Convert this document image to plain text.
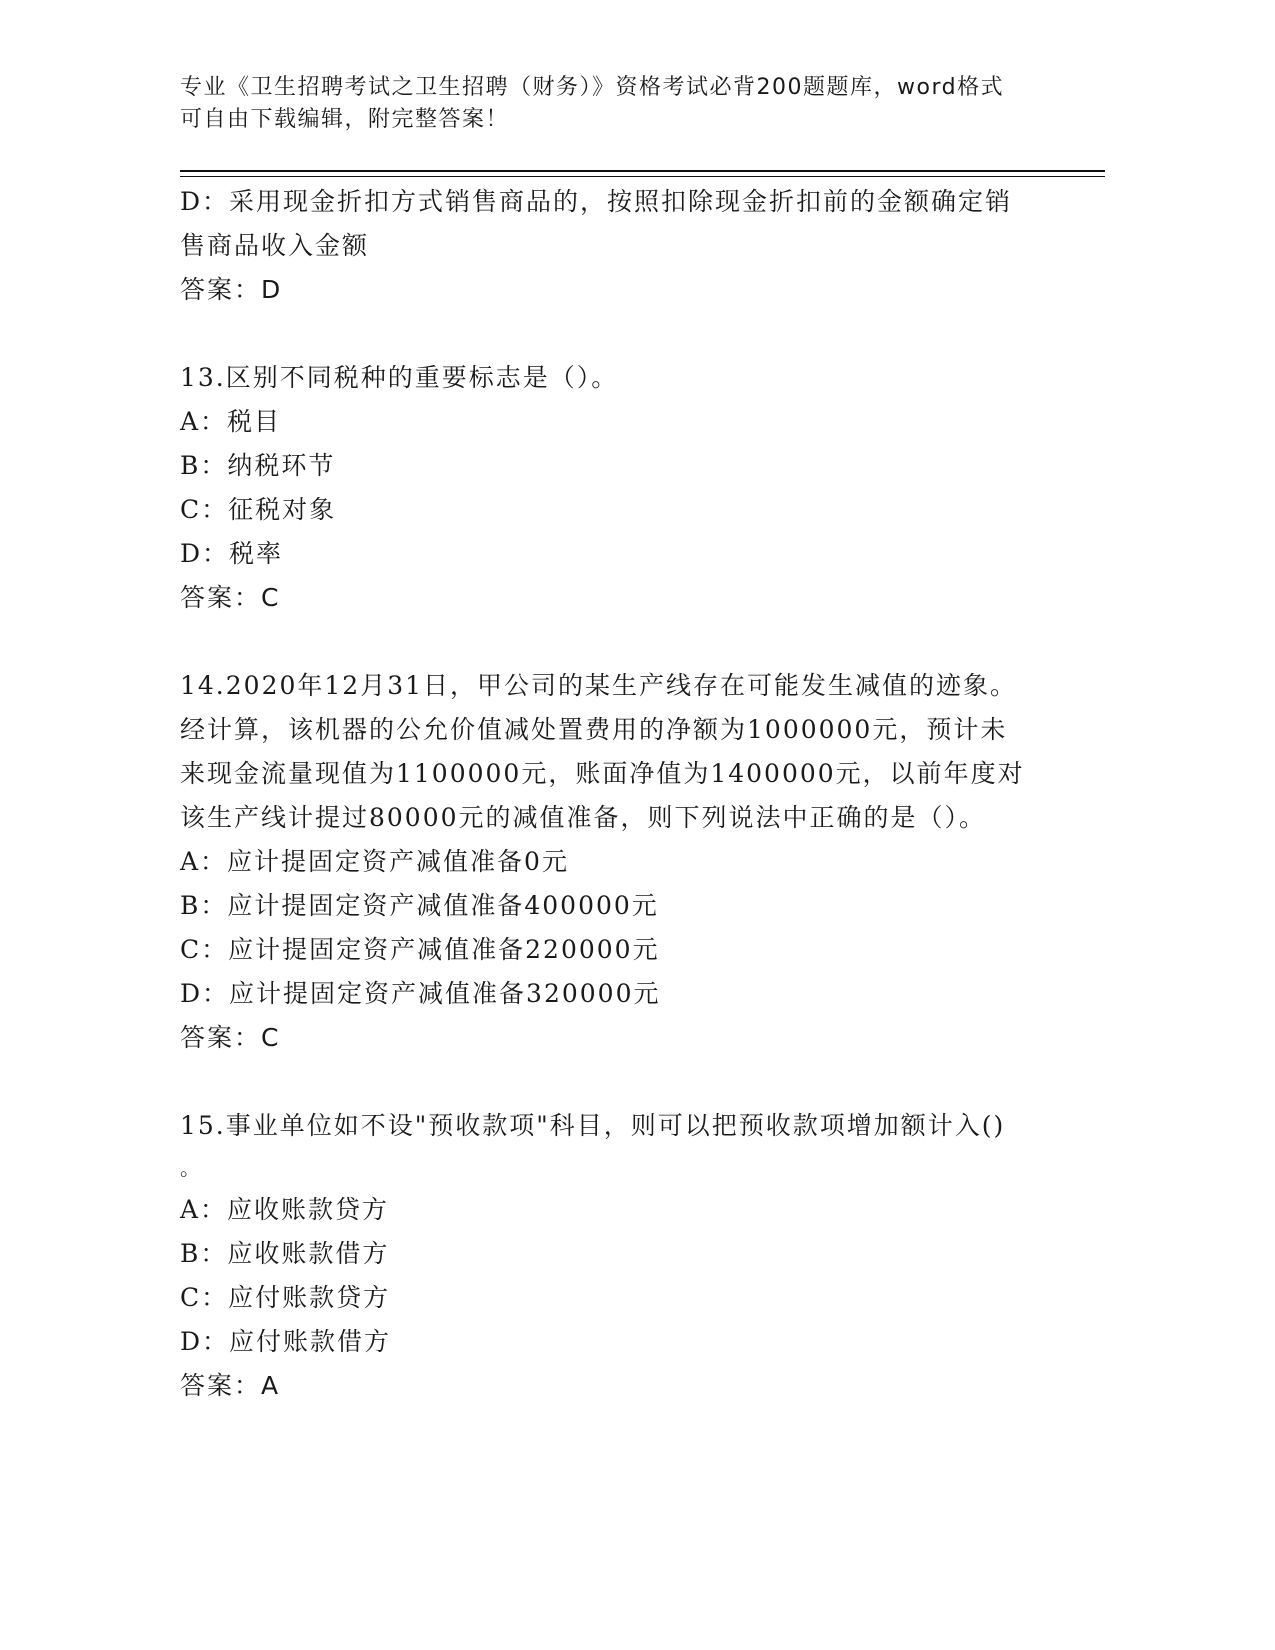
专业《卫生招聘考试之卫生招聘（财务）》资格考试必背200题题库，word格式
可自由下载编辑，附完整答案！
D：采用现金折扣方式销售商品的，按照扣除现金折扣前的金额确定销
售商品收入金额
答案：D
13.区别不同税种的重要标志是（）。
A：税目
B：纳税环节
C：征税对象
D：税率
答案：C
14.2020年12月31日，甲公司的某生产线存在可能发生减值的迹象。
经计算，该机器的公允价值减处置费用的净额为1000000元，预计未
来现金流量现值为1100000元，账面净值为1400000元，以前年度对
该生产线计提过80000元的减值准备，则下列说法中正确的是（）。
A：应计提固定资产减值准备0元
B：应计提固定资产减值准备400000元
C：应计提固定资产减值准备220000元
D：应计提固定资产减值准备320000元
答案：C
15.事业单位如不设"预收款项"科目，则可以把预收款项增加额计入()
。
A：应收账款贷方
B：应收账款借方
C：应付账款贷方
D：应付账款借方
答案：A
